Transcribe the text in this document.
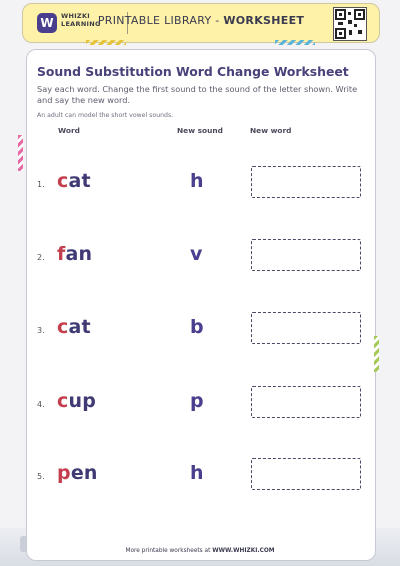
W	WHIZKI
LEARNING
PRINTABLE LIBRARY - WORKSHEET
Sound Substitution Word Change Worksheet
Say each word. Change the first sound to the sound of the letter shown. Write and say the new word.
An adult can model the short vowel sounds.
Word	New sound	New word
1. cat	h
2. fan	v
3. cat	b
4. cup	p
5. pen	h
More printable worksheets at WWW.WHIZKI.COM
